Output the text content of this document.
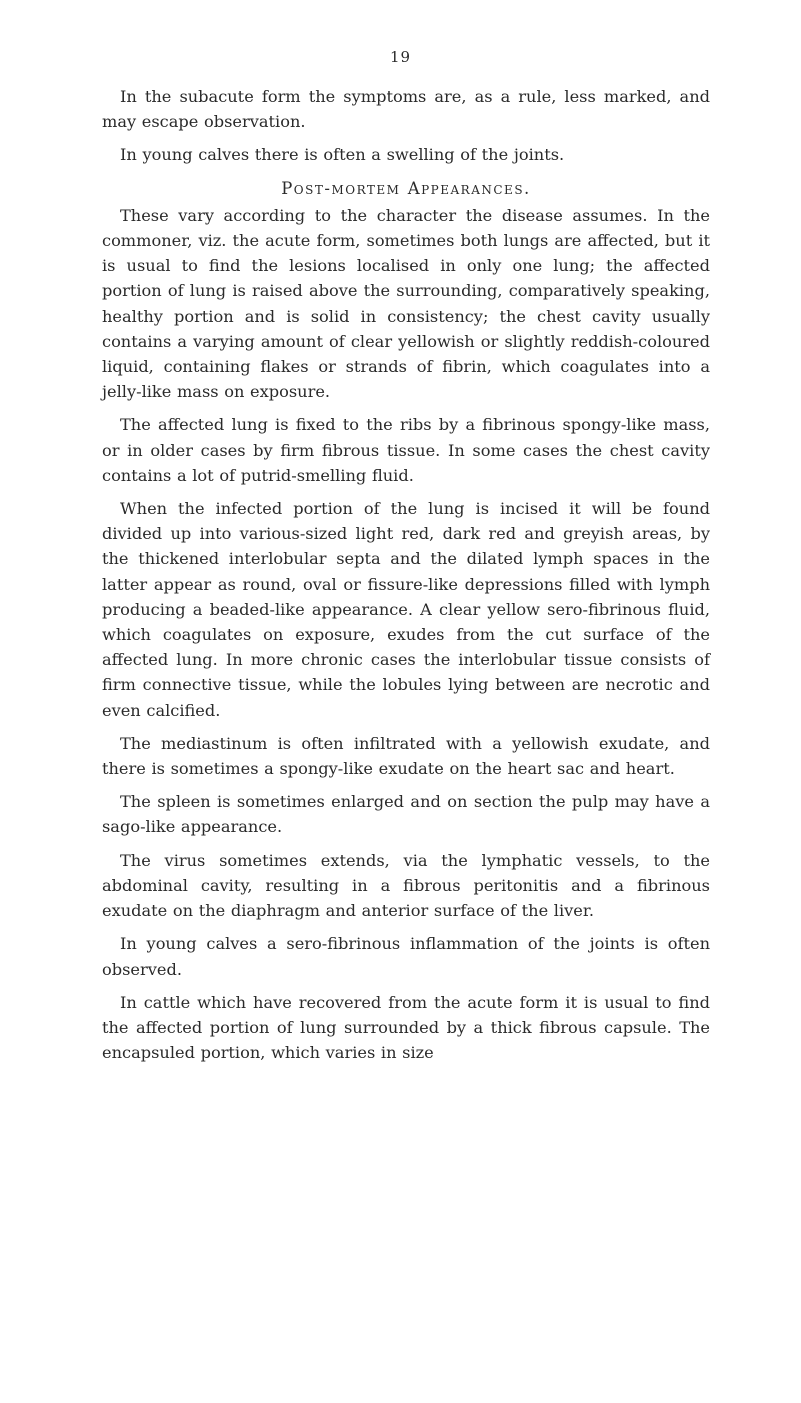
19

In the subacute form the symptoms are, as a rule, less marked, and may escape observation.

In young calves there is often a swelling of the joints.

Post-mortem Appearances.

These vary according to the character the disease assumes. In the commoner, viz. the acute form, sometimes both lungs are affected, but it is usual to find the lesions localised in only one lung; the affected portion of lung is raised above the surrounding, comparatively speaking, healthy portion and is solid in consistency; the chest cavity usually contains a varying amount of clear yellowish or slightly reddish-coloured liquid, containing flakes or strands of fibrin, which coagulates into a jelly-like mass on exposure.

The affected lung is fixed to the ribs by a fibrinous spongy-like mass, or in older cases by firm fibrous tissue. In some cases the chest cavity contains a lot of putrid-smelling fluid.

When the infected portion of the lung is incised it will be found divided up into various-sized light red, dark red and greyish areas, by the thickened interlobular septa and the dilated lymph spaces in the latter appear as round, oval or fissure-like depressions filled with lymph producing a beaded-like appearance. A clear yellow sero-fibrinous fluid, which coagulates on exposure, exudes from the cut surface of the affected lung. In more chronic cases the interlobular tissue consists of firm connective tissue, while the lobules lying between are necrotic and even calcified.

The mediastinum is often infiltrated with a yellowish exudate, and there is sometimes a spongy-like exudate on the heart sac and heart.

The spleen is sometimes enlarged and on section the pulp may have a sago-like appearance.

The virus sometimes extends, via the lymphatic vessels, to the abdominal cavity, resulting in a fibrous peritonitis and a fibrinous exudate on the diaphragm and anterior surface of the liver.

In young calves a sero-fibrinous inflammation of the joints is often observed.

In cattle which have recovered from the acute form it is usual to find the affected portion of lung surrounded by a thick fibrous capsule. The encapsuled portion, which varies in size
